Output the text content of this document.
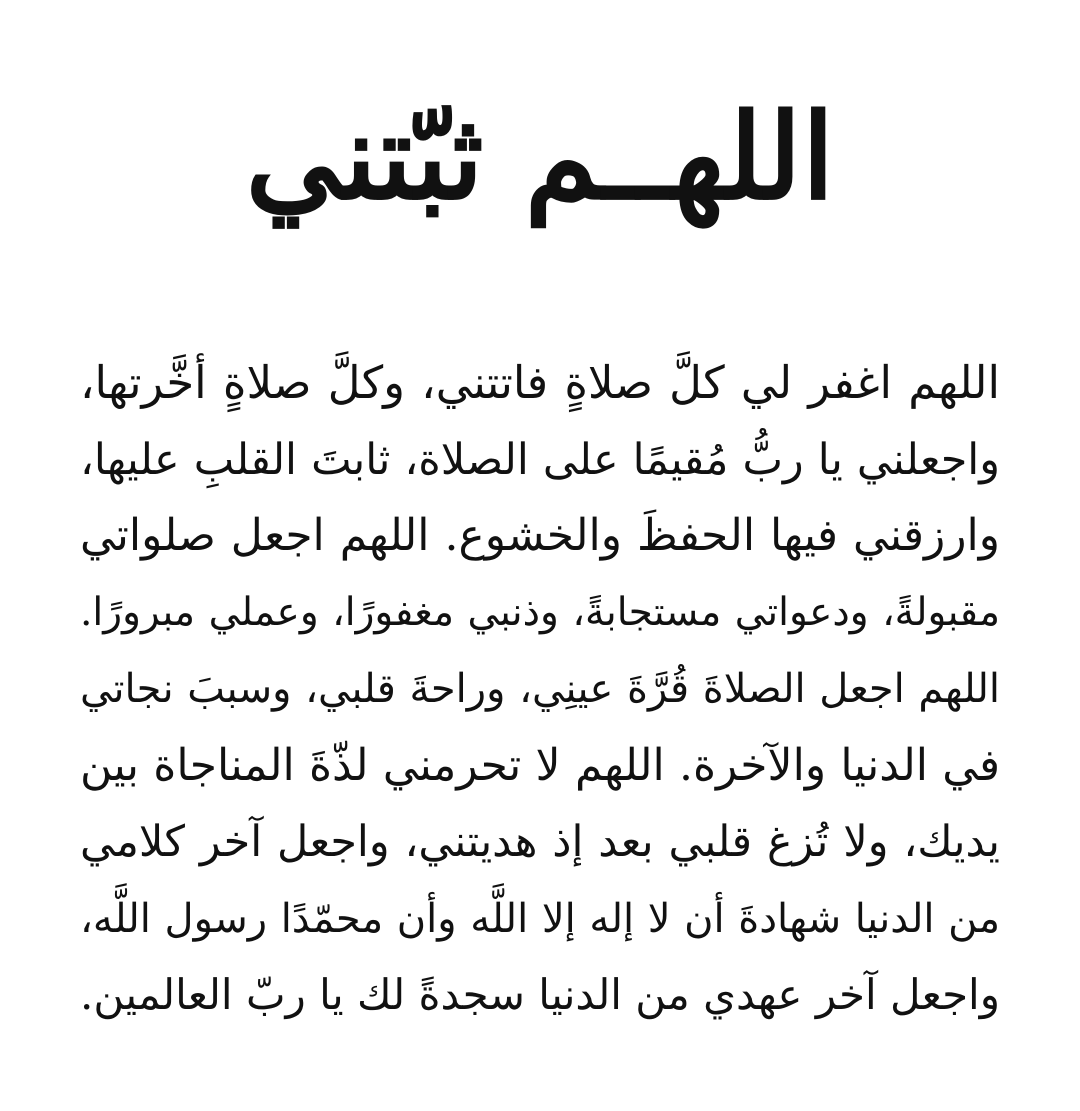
اللهــم ثبّتني
اللهم اغفر لي كلَّ صلاةٍ فاتتني، وكلَّ صلاةٍ أخَّرتها،
واجعلني يا ربُّ مُقيمًا على الصلاة، ثابتَ القلبِ عليها،
وارزقني فيها الحفظَ والخشوع. اللهم اجعل صلواتي
مقبولةً، ودعواتي مستجابةً، وذنبي مغفورًا، وعملي مبرورًا.
اللهم اجعل الصلاةَ قُرَّةَ عينِي، وراحةَ قلبي، وسببَ نجاتي
في الدنيا والآخرة. اللهم لا تحرمني لذّةَ المناجاة بين
يديك، ولا تُزغ قلبي بعد إذ هديتني، واجعل آخر كلامي
من الدنيا شهادةَ أن لا إله إلا اللَّه وأن محمّدًا رسول اللَّه،
واجعل آخر عهدي من الدنيا سجدةً لك يا ربّ العالمين.
